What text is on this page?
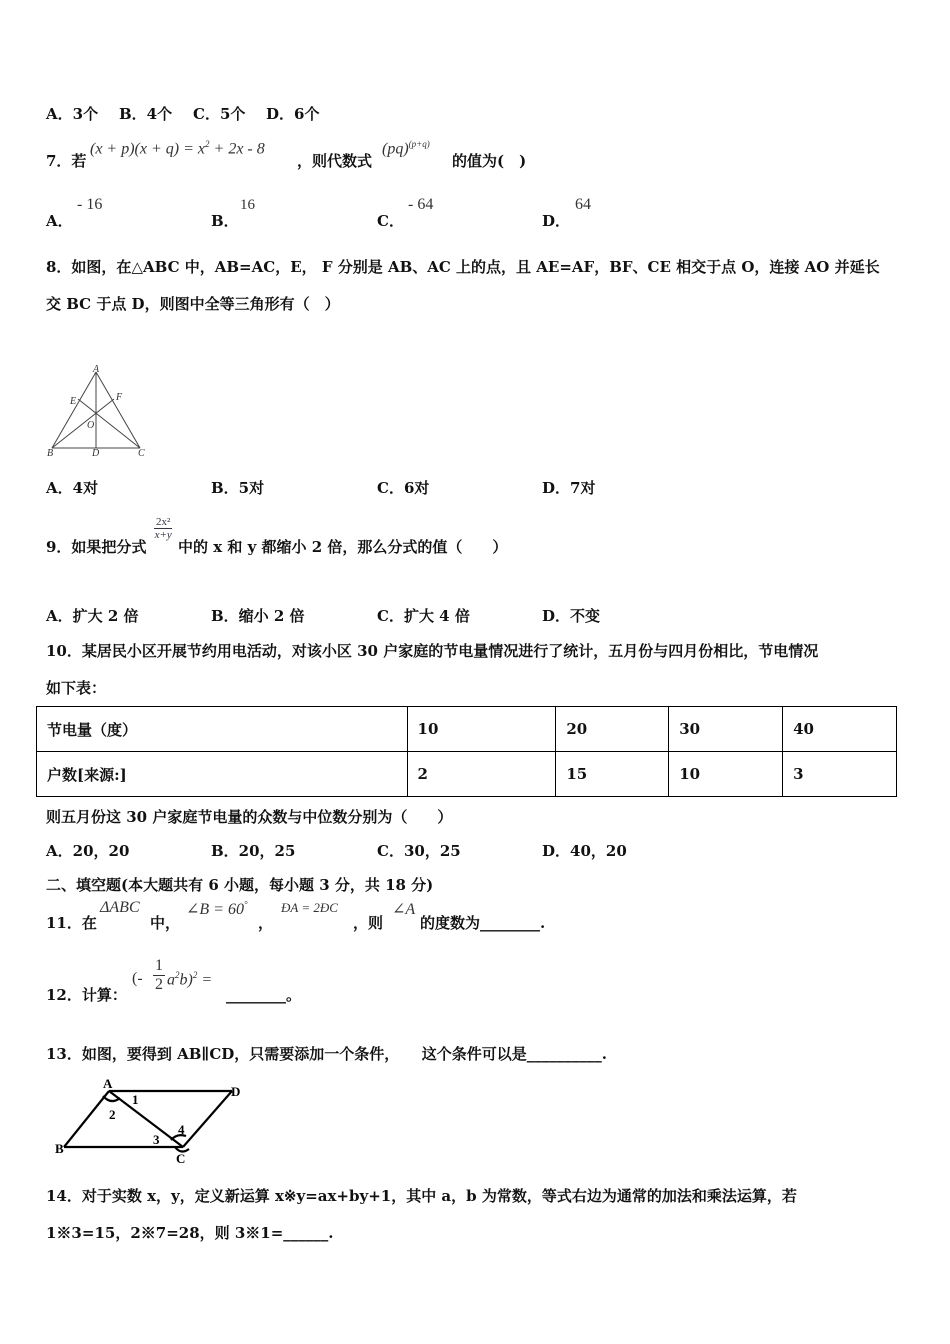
A．3个 B．4个 C．5个 D．6个
7．若
$(x + p)(x + q) = x^2 + 2x - 8$
，则代数式
(pq)$^{(p+q)}$
的值为(　)
A．
- 16
B．
16
C．
- 64
D．
64
8．如图，在△ABC 中，AB=AC，E， F 分别是 AB、AC 上的点，且 AE=AF，BF、CE 相交于点 O，连接 AO 并延长
交 BC 于点 D，则图中全等三角形有（　）
A
E	F
O
B	D	C
A．4对	B．5对	C．6对	D．7对
9．如果把分式
$\frac{\text{2x²}}{x+y}$
中的 x 和 y 都缩小 2 倍，那么分式的值（　　）
A．扩大 2 倍	B．缩小 2 倍	C．扩大 4 倍	D．不变
10．某居民小区开展节约用电活动，对该小区 30 户家庭的节电量情况进行了统计，五月份与四月份相比，节电情况
如下表：
节电量（度）	10	20	30	40
户数[来源:]	2	15	10	3
则五月份这 30 户家庭节电量的众数与中位数分别为（　　）
A．20，20	B．20，25	C．30，25	D．40，20
二、填空题(本大题共有 6 小题，每小题 3 分，共 18 分)
11．在
ΔABC
中，
∠B = 60°
，
ÐA = 2ÐC
，则
∠A
的度数为________.
12．计算：
(- $\frac{1}{2} a^2b)^2$ =
________。
13．如图，要得到 AB∥CD，只需要添加一个条件，　　这个条件可以是__________.
A
D
B
C
1
2
3
4
14．对于实数 x，y，定义新运算 x※y=ax+by+1，其中 a，b 为常数，等式右边为通常的加法和乘法运算，若
1※3=15，2※7=28，则 3※1=______.
